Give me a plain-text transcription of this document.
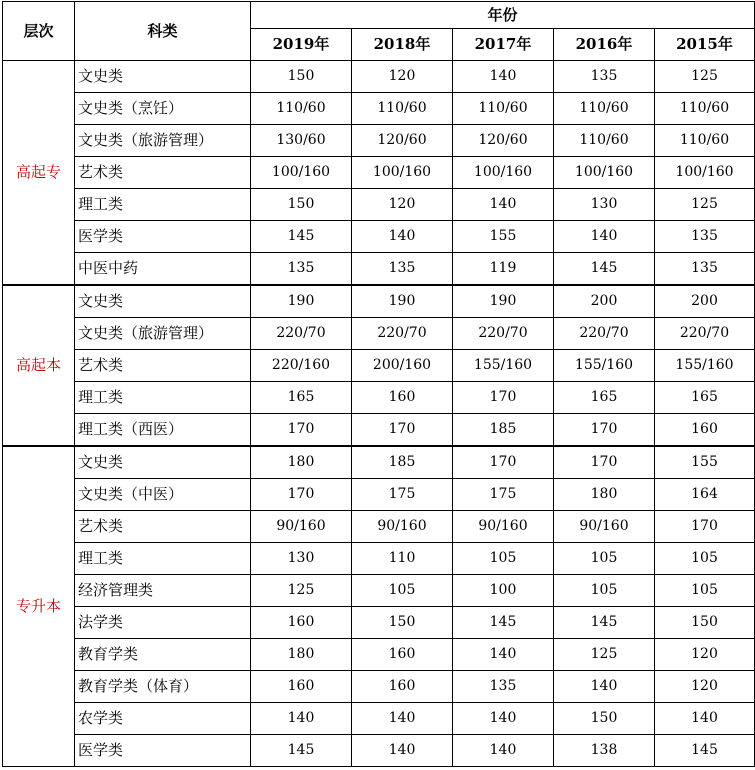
层次	科类	年份				
		2019年	2018年	2017年	2016年	2015年
高起专	文史类	150	120	140	135	125
	文史类（烹饪）	110/60	110/60	110/60	110/60	110/60
	文史类（旅游管理）	130/60	120/60	120/60	110/60	110/60
	艺术类	100/160	100/160	100/160	100/160	100/160
	理工类	150	120	140	130	125
	医学类	145	140	155	140	135
	中医中药	135	135	119	145	135
高起本	文史类	190	190	190	200	200
	文史类（旅游管理）	220/70	220/70	220/70	220/70	220/70
	艺术类	220/160	200/160	155/160	155/160	155/160
	理工类	165	160	170	165	165
	理工类（西医）	170	170	185	170	160
专升本	文史类	180	185	170	170	155
	文史类（中医）	170	175	175	180	164
	艺术类	90/160	90/160	90/160	90/160	170
	理工类	130	110	105	105	105
	经济管理类	125	105	100	105	105
	法学类	160	150	145	145	150
	教育学类	180	160	140	125	120
	教育学类（体育）	160	160	135	140	120
	农学类	140	140	140	150	140
	医学类	145	140	140	138	145
